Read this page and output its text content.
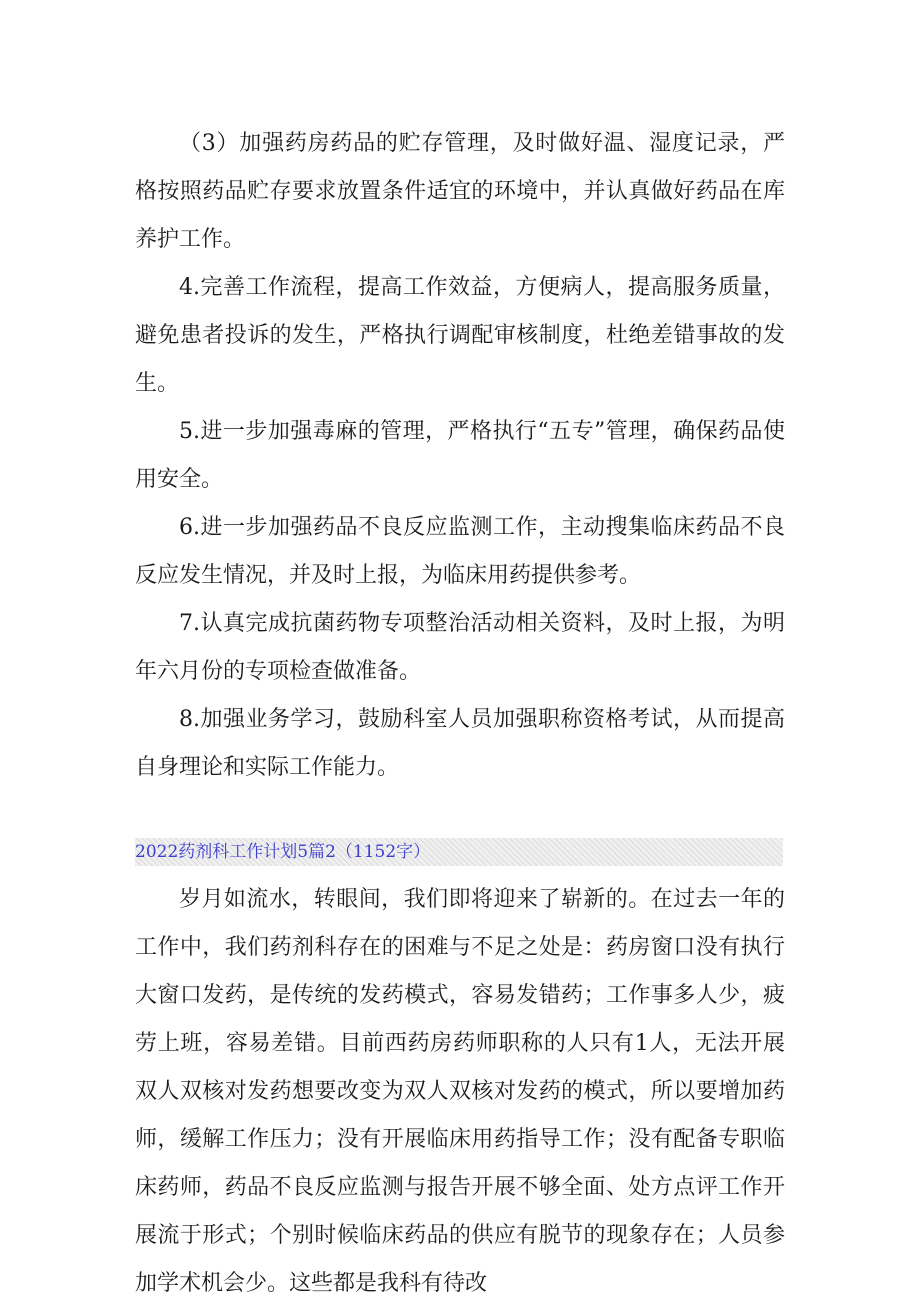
（3）加强药房药品的贮存管理，及时做好温、湿度记录，严格按照药品贮存要求放置条件适宜的环境中，并认真做好药品在库养护工作。

4.完善工作流程，提高工作效益，方便病人，提高服务质量，避免患者投诉的发生，严格执行调配审核制度，杜绝差错事故的发生。

5.进一步加强毒麻的管理，严格执行“五专”管理，确保药品使用安全。

6.进一步加强药品不良反应监测工作，主动搜集临床药品不良反应发生情况，并及时上报，为临床用药提供参考。

7.认真完成抗菌药物专项整治活动相关资料，及时上报，为明年六月份的专项检查做准备。

8.加强业务学习，鼓励科室人员加强职称资格考试，从而提高自身理论和实际工作能力。

2022药剂科工作计划5篇2（1152字）

岁月如流水，转眼间，我们即将迎来了崭新的。在过去一年的工作中，我们药剂科存在的困难与不足之处是：药房窗口没有执行大窗口发药，是传统的发药模式，容易发错药；工作事多人少，疲劳上班，容易差错。目前西药房药师职称的人只有1人，无法开展双人双核对发药想要改变为双人双核对发药的模式，所以要增加药师，缓解工作压力；没有开展临床用药指导工作；没有配备专职临床药师，药品不良反应监测与报告开展不够全面、处方点评工作开展流于形式；个别时候临床药品的供应有脱节的现象存在；人员参加学术机会少。这些都是我科有待改
